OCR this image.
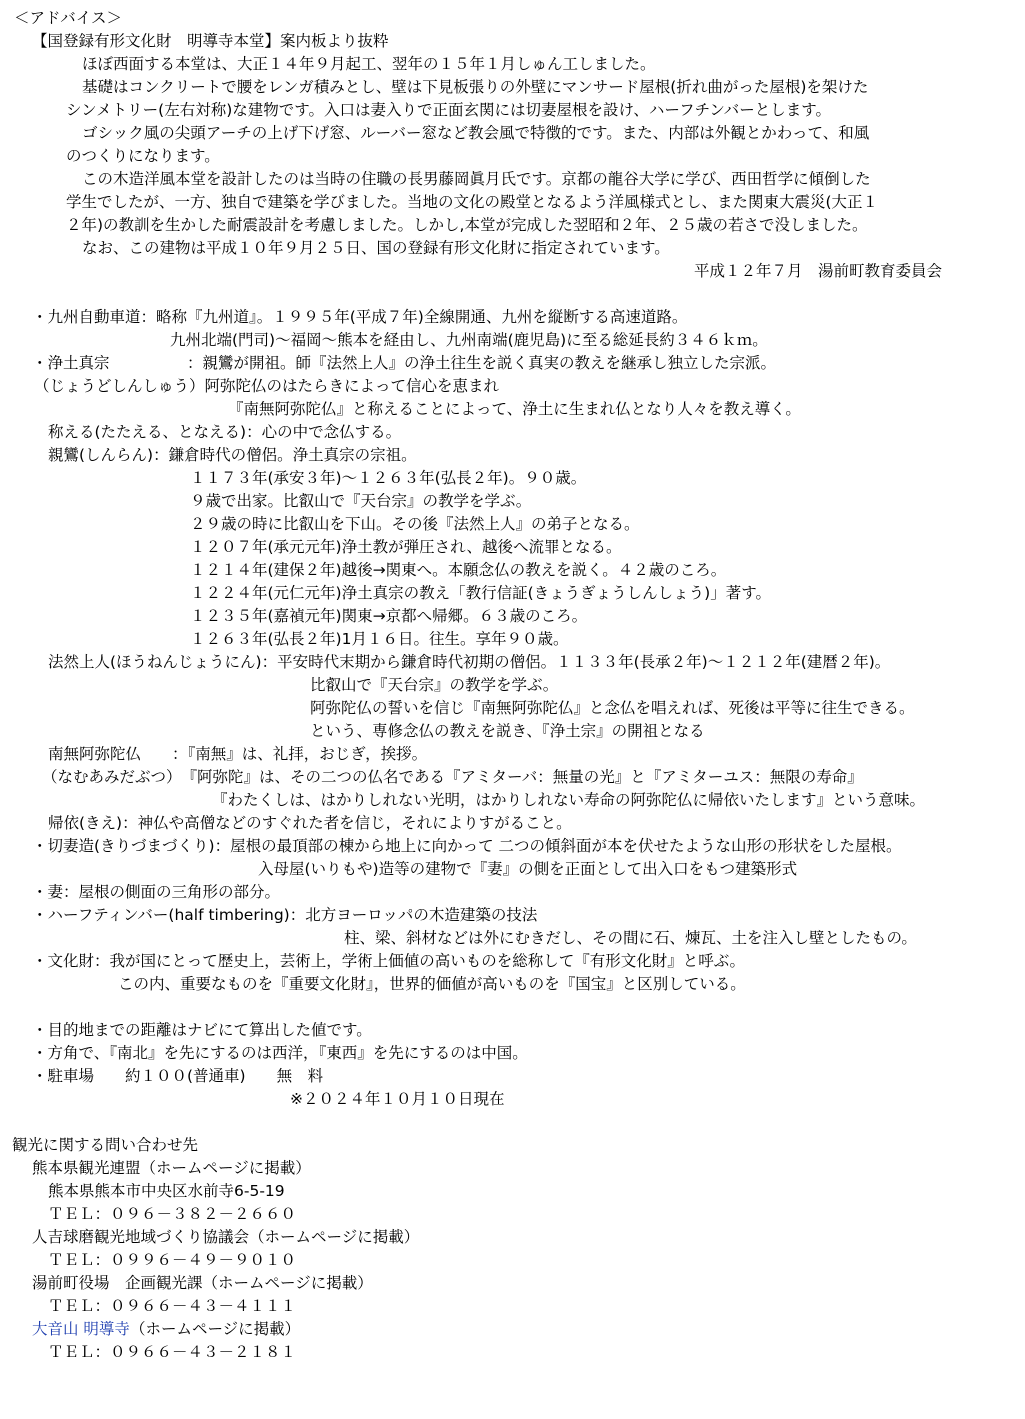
＜アドバイス＞
【国登録有形文化財　明導寺本堂】案内板より抜粋
ほぼ西面する本堂は、大正１４年９月起工、翌年の１５年１月しゅん工しました。
基礎はコンクリートで腰をレンガ積みとし、壁は下見板張りの外壁にマンサード屋根(折れ曲がった屋根)を架けた
シンメトリー(左右対称)な建物です。入口は妻入りで正面玄関には切妻屋根を設け、ハーフチンバーとします。
ゴシック風の尖頭アーチの上げ下げ窓、ルーバー窓など教会風で特徴的です。また、内部は外観とかわって、和風
のつくりになります。
この木造洋風本堂を設計したのは当時の住職の長男藤岡眞月氏です。京都の龍谷大学に学び、西田哲学に傾倒した
学生でしたが、一方、独自で建築を学びました。当地の文化の殿堂となるよう洋風様式とし、また関東大震災(大正１
２年)の教訓を生かした耐震設計を考慮しました。しかし,本堂が完成した翌昭和２年、２５歳の若さで没しました。
なお、この建物は平成１０年９月２５日、国の登録有形文化財に指定されています。
平成１２年７月　湯前町教育委員会
・九州自動車道：略称『九州道』。１９９５年(平成７年)全線開通、九州を縦断する高速道路。
九州北端(門司)～福岡～熊本を経由し、九州南端(鹿児島)に至る総延長約３４６ｋｍ。
・浄土真宗　　　　　：親鸞が開祖。師『法然上人』の浄土往生を説く真実の教えを継承し独立した宗派。
（じょうどしんしゅう）阿弥陀仏のはたらきによって信心を恵まれ
『南無阿弥陀仏』と称えることによって、浄土に生まれ仏となり人々を教え導く。
称える(たたえる、となえる)：心の中で念仏する。
親鸞(しんらん)：鎌倉時代の僧侶。浄土真宗の宗祖。
１１７３年(承安３年)～１２６３年(弘長２年)。９０歳。
９歳で出家。比叡山で『天台宗』の教学を学ぶ。
２９歳の時に比叡山を下山。その後『法然上人』の弟子となる。
１２０７年(承元元年)浄土教が弾圧され、越後へ流罪となる。
１２１４年(建保２年)越後→関東へ。本願念仏の教えを説く。４２歳のころ。
１２２４年(元仁元年)浄土真宗の教え「教行信証(きょうぎょうしんしょう)」著す。
１２３５年(嘉禎元年)関東→京都へ帰郷。６３歳のころ。
１２６３年(弘長２年)1月１６日。往生。享年９０歳。
法然上人(ほうねんじょうにん)：平安時代末期から鎌倉時代初期の僧侶。１１３３年(長承２年)～１２１２年(建暦２年)。
比叡山で『天台宗』の教学を学ぶ。
阿弥陀仏の誓いを信じ『南無阿弥陀仏』と念仏を唱えれば、死後は平等に往生できる。
という、専修念仏の教えを説き、『浄土宗』の開祖となる
南無阿弥陀仏　　：『南無』は、礼拝，おじぎ，挨拶。
（なむあみだぶつ）　『阿弥陀』は、その二つの仏名である『アミターバ：無量の光』と『アミターユス：無限の寿命』
『わたくしは、はかりしれない光明，はかりしれない寿命の阿弥陀仏に帰依いたします』という意味。
帰依(きえ)：神仏や高僧などのすぐれた者を信じ，それによりすがること。
・切妻造(きりづまづくり)：屋根の最頂部の棟から地上に向かって 二つの傾斜面が本を伏せたような山形の形状をした屋根。
入母屋(いりもや)造等の建物で『妻』の側を正面として出入口をもつ建築形式
・妻：屋根の側面の三角形の部分。
・ハーフティンバー(half timbering)：北方ヨーロッパの木造建築の技法
柱、梁、斜材などは外にむきだし、その間に石、煉瓦、土を注入し壁としたもの。
・文化財：我が国にとって歴史上，芸術上，学術上価値の高いものを総称して『有形文化財』と呼ぶ。
この内、重要なものを『重要文化財』，世界的価値が高いものを『国宝』と区別している。
・目的地までの距離はナビにて算出した値です。
・方角で、『南北』を先にするのは西洋，『東西』を先にするのは中国。
・駐車場　　約１００(普通車)　　無　料
※２０２４年１０月１０日現在
観光に関する問い合わせ先
熊本県観光連盟（ホームページに掲載）
熊本県熊本市中央区水前寺6-5-19
ＴＥＬ：０９６－３８２－２６６０
人吉球磨観光地域づくり協議会（ホームページに掲載）
ＴＥＬ：０９９６－４９－９０１０
湯前町役場　企画観光課（ホームページに掲載）
ＴＥＬ：０９６６－４３－４１１１
大音山 明導寺（ホームページに掲載）
ＴＥＬ：０９６６－４３－２１８１
